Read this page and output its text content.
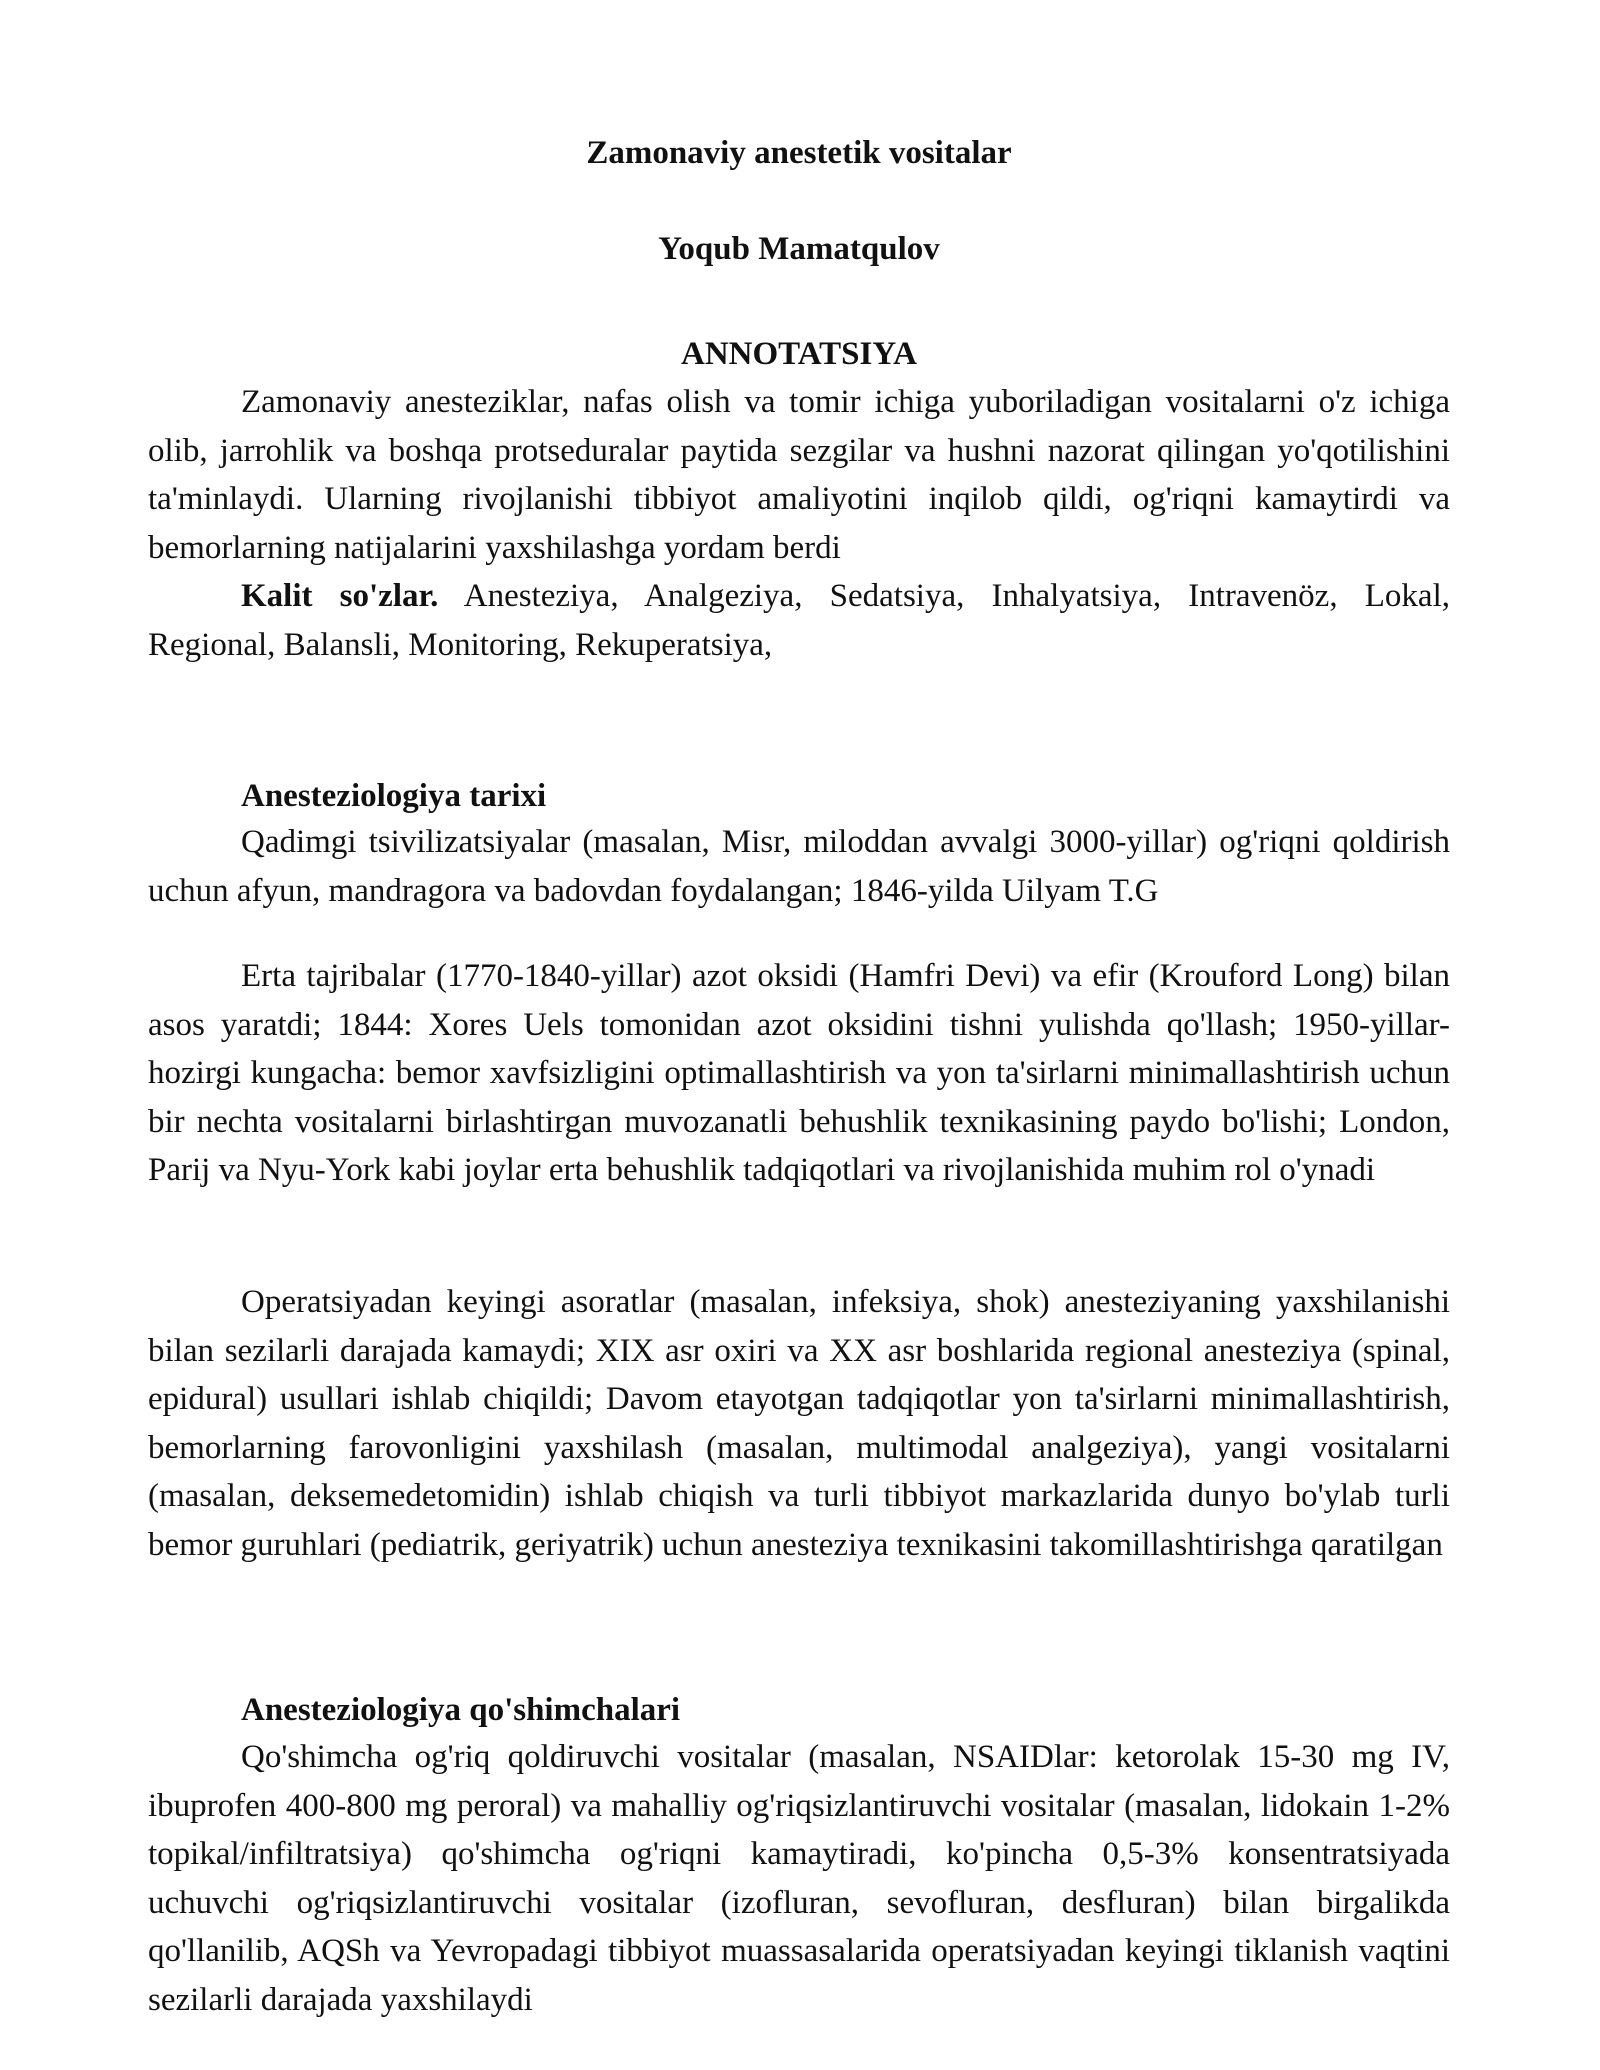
Zamonaviy anestetik vositalar
Yoqub Mamatqulov
ANNOTATSIYA

Zamonaviy anesteziklar, nafas olish va tomir ichiga yuboriladigan vositalarni o'z ichiga olib, jarrohlik va boshqa protseduralar paytida sezgilar va hushni nazorat qilingan yo'qotilishini ta'minlaydi. Ularning rivojlanishi tibbiyot amaliyotini inqilob qildi, og'riqni kamaytirdi va bemorlarning natijalarini yaxshilashga yordam berdi

Kalit so'zlar. Anesteziya, Analgeziya, Sedatsiya, Inhalyatsiya, Intravenöz, Lokal, Regional, Balansli, Monitoring, Rekuperatsiya,

Anesteziologiya tarixi

Qadimgi tsivilizatsiyalar (masalan, Misr, miloddan avvalgi 3000-yillar) og'riqni qoldirish uchun afyun, mandragora va badovdan foydalangan; 1846-yilda Uilyam T.G

Erta tajribalar (1770-1840-yillar) azot oksidi (Hamfri Devi) va efir (Krouford Long) bilan asos yaratdi; 1844: Xores Uels tomonidan azot oksidini tishni yulishda qo'llash; 1950-yillar-hozirgi kungacha: bemor xavfsizligini optimallashtirish va yon ta'sirlarni minimallashtirish uchun bir nechta vositalarni birlashtirgan muvozanatli behushlik texnikasining paydo bo'lishi; London, Parij va Nyu-York kabi joylar erta behushlik tadqiqotlari va rivojlanishida muhim rol o'ynadi

Operatsiyadan keyingi asoratlar (masalan, infeksiya, shok) anesteziyaning yaxshilanishi bilan sezilarli darajada kamaydi; XIX asr oxiri va XX asr boshlarida regional anesteziya (spinal, epidural) usullari ishlab chiqildi; Davom etayotgan tadqiqotlar yon ta'sirlarni minimallashtirish, bemorlarning farovonligini yaxshilash (masalan, multimodal analgeziya), yangi vositalarni (masalan, deksemedetomidin) ishlab chiqish va turli tibbiyot markazlarida dunyo bo'ylab turli bemor guruhlari (pediatrik, geriyatrik) uchun anesteziya texnikasini takomillashtirishga qaratilgan

Anesteziologiya qo'shimchalari

Qo'shimcha og'riq qoldiruvchi vositalar (masalan, NSAIDlar: ketorolak 15-30 mg IV, ibuprofen 400-800 mg peroral) va mahalliy og'riqsizlantiruvchi vositalar (masalan, lidokain 1-2% topikal/infiltratsiya) qo'shimcha og'riqni kamaytiradi, ko'pincha 0,5-3% konsentratsiyada uchuvchi og'riqsizlantiruvchi vositalar (izofluran, sevofluran, desfluran) bilan birgalikda qo'llanilib, AQSh va Yevropadagi tibbiyot muassasalarida operatsiyadan keyingi tiklanish vaqtini sezilarli darajada yaxshilaydi
